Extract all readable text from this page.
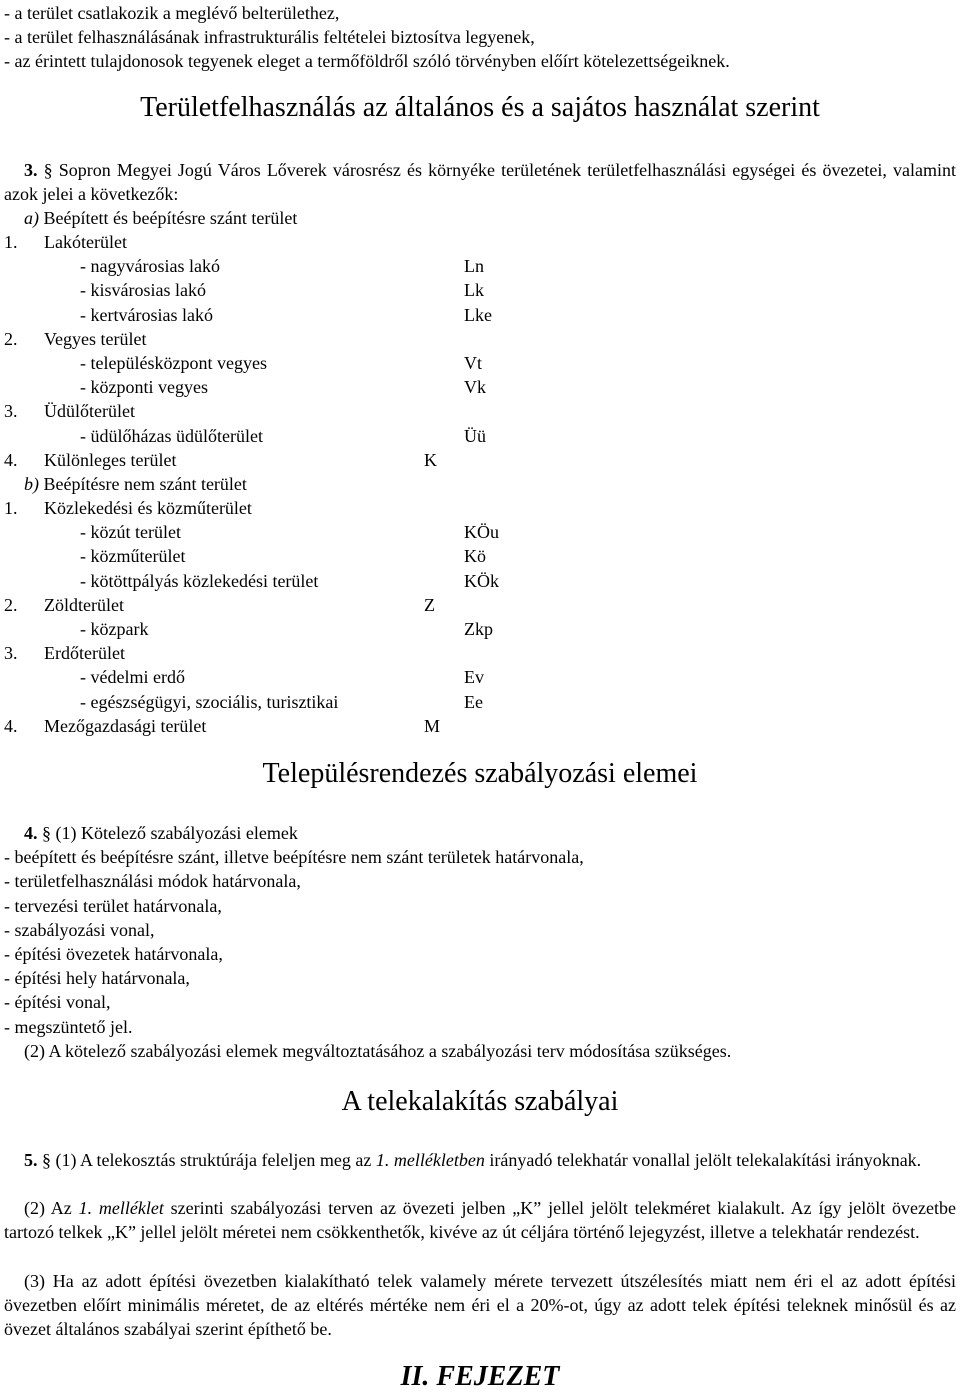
- a terület csatlakozik a meglévő belterülethez,
- a terület felhasználásának infrastrukturális feltételei biztosítva legyenek,
- az érintett tulajdonosok tegyenek eleget a termőföldről szóló törvényben előírt kötelezettségeiknek.
Területfelhasználás az általános és a sajátos használat szerint
3. § Sopron Megyei Jogú Város Lőverek városrész és környéke területének területfelhasználási egységei és övezetei, valamint azok jelei a következők:
a) Beépített és beépítésre szánt terület
1.	Lakóterület
- nagyvárosias lakó	Ln
- kisvárosias lakó	Lk
- kertvárosias lakó	Lke
2.	Vegyes terület
- településközpont vegyes	Vt
- központi vegyes	Vk
3.	Üdülőterület
- üdülőházas üdülőterület	Üü
4.	Különleges terület	K
b) Beépítésre nem szánt terület
1.	Közlekedési és közműterület
- közút terület	KÖu
- közműterület	Kö
- kötöttpályás közlekedési terület	KÖk
2.	Zöldterület	Z
- közpark	Zkp
3.	Erdőterület
- védelmi erdő	Ev
- egészségügyi, szociális, turisztikai	Ee
4.	Mezőgazdasági terület	M
Településrendezés szabályozási elemei
4. § (1) Kötelező szabályozási elemek
- beépített és beépítésre szánt, illetve beépítésre nem szánt területek határvonala,
- területfelhasználási módok határvonala,
- tervezési terület határvonala,
- szabályozási vonal,
- építési övezetek határvonala,
- építési hely határvonala,
- építési vonal,
- megszüntető jel.
(2) A kötelező szabályozási elemek megváltoztatásához a szabályozási terv módosítása szükséges.
A telekalakítás szabályai
5. § (1) A telekosztás struktúrája feleljen meg az 1. mellékletben irányadó telekhatár vonallal jelölt telekalakítási irányoknak.
(2) Az 1. melléklet szerinti szabályozási terven az övezeti jelben „K” jellel jelölt telekméret kialakult. Az így jelölt övezetbe tartozó telkek „K” jellel jelölt méretei nem csökkenthetők, kivéve az út céljára történő lejegyzést, illetve a telekhatár rendezést.
(3) Ha az adott építési övezetben kialakítható telek valamely mérete tervezett útszélesítés miatt nem éri el az adott építési övezetben előírt minimális méretet, de az eltérés mértéke nem éri el a 20%-ot, úgy az adott telek építési teleknek minősül és az övezet általános szabályai szerint építhető be.
II. FEJEZET
